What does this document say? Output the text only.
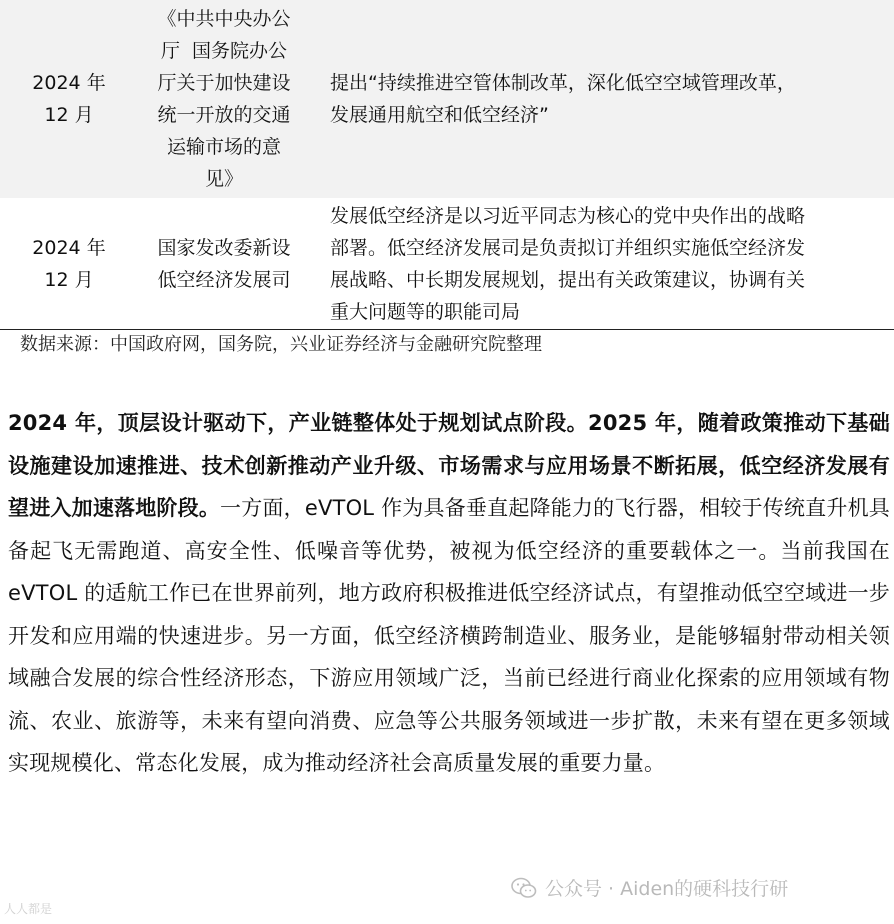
2024 年
12 月
《中共中央办公
厅  国务院办公
厅关于加快建设
统一开放的交通
运输市场的意
见》
提出“持续推进空管体制改革，深化低空空域管理改革，
发展通用航空和低空经济”
2024 年
12 月
国家发改委新设
低空经济发展司
发展低空经济是以习近平同志为核心的党中央作出的战略
部署。低空经济发展司是负责拟订并组织实施低空经济发
展战略、中长期发展规划，提出有关政策建议，协调有关
重大问题等的职能司局
数据来源：中国政府网，国务院，兴业证券经济与金融研究院整理
2024 年，顶层设计驱动下，产业链整体处于规划试点阶段。2025 年，随着政策推动下基础设施建设加速推进、技术创新推动产业升级、市场需求与应用场景不断拓展，低空经济发展有望进入加速落地阶段。一方面，eVTOL 作为具备垂直起降能力的飞行器，相较于传统直升机具备起飞无需跑道、高安全性、低噪音等优势，被视为低空经济的重要载体之一。当前我国在 eVTOL 的适航工作已在世界前列，地方政府积极推进低空经济试点，有望推动低空空域进一步开发和应用端的快速进步。另一方面，低空经济横跨制造业、服务业，是能够辐射带动相关领域融合发展的综合性经济形态，下游应用领域广泛，当前已经进行商业化探索的应用领域有物流、农业、旅游等，未来有望向消费、应急等公共服务领域进一步扩散，未来有望在更多领域实现规模化、常态化发展，成为推动经济社会高质量发展的重要力量。
公众号 · Aiden的硬科技行研
人人都是
